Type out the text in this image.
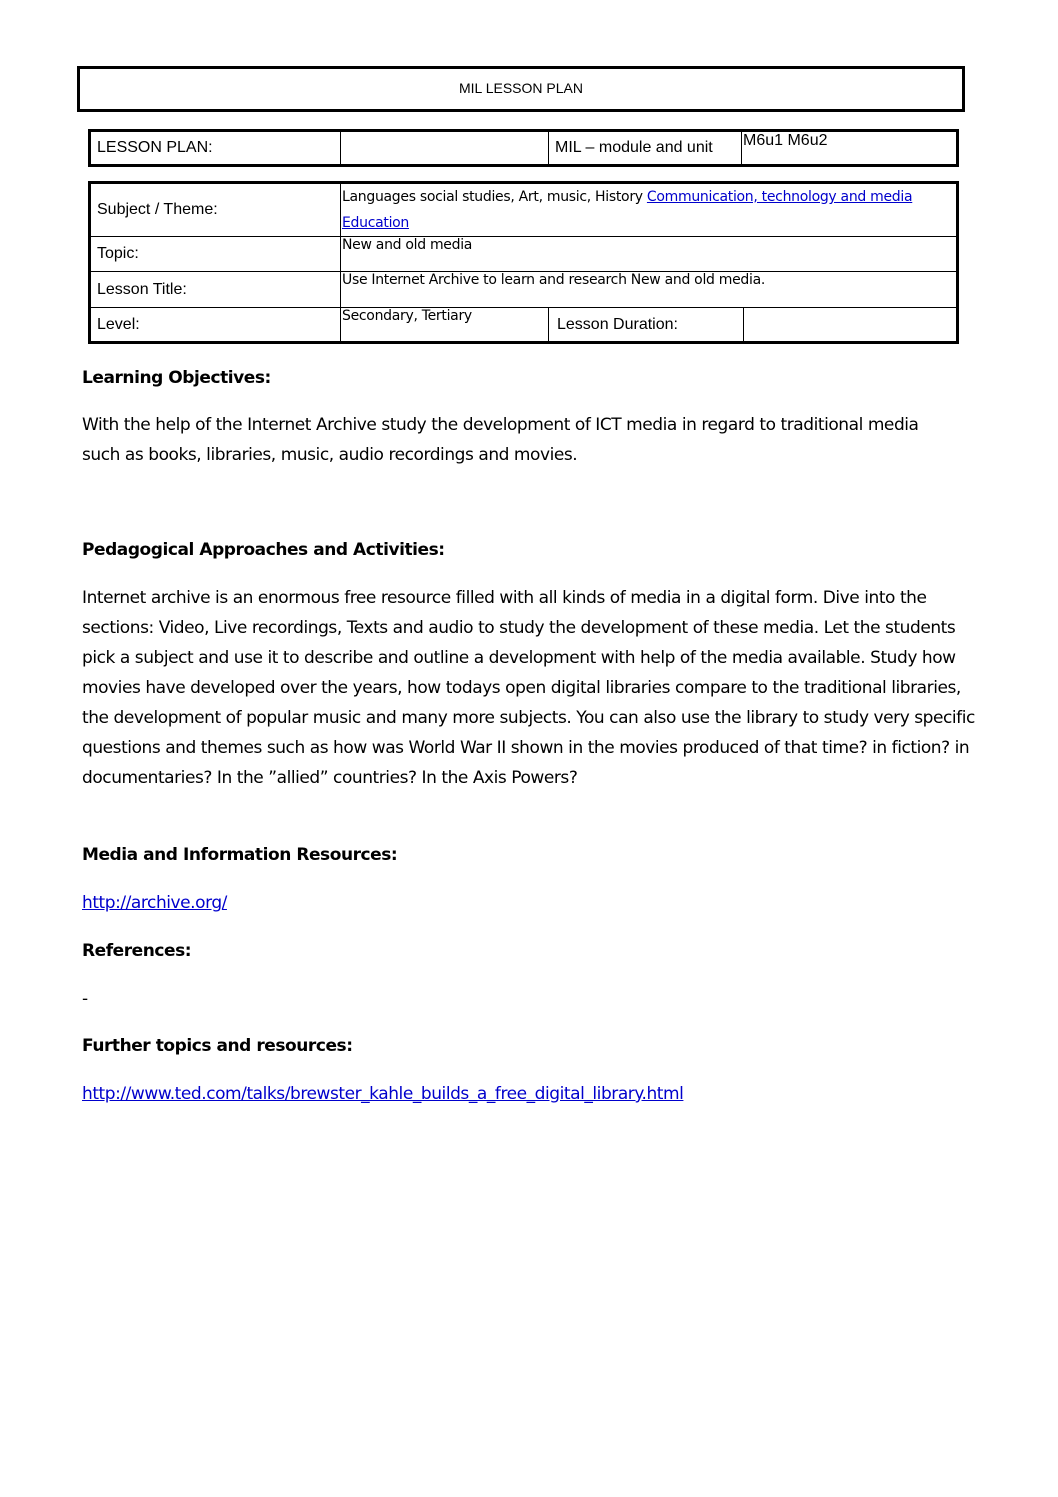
MIL LESSON PLAN
LESSON PLAN:		MIL – module and unit	M6u1 M6u2
Subject / Theme:	Languages social studies, Art, music, History Communication, technology and media Education		
Topic:	New and old media		
Lesson Title:	Use Internet Archive to learn and research New and old media.		
Level:	Secondary, Tertiary	Lesson Duration:	
Learning Objectives:
With the help of the Internet Archive study the development of ICT media in regard to traditional media such as books, libraries, music, audio recordings and movies.
Pedagogical Approaches and Activities:
Internet archive is an enormous free resource filled with all kinds of media in a digital form. Dive into the sections: Video, Live recordings, Texts and audio to study the development of these media. Let the students pick a subject and use it to describe and outline a development with help of the media available. Study how movies have developed over the years, how todays open digital libraries compare to the traditional libraries, the development of popular music and many more subjects. You can also use the library to study very specific questions and themes such as how was World War II shown in the movies produced of that time? in fiction? in documentaries? In the ”allied” countries? In the Axis Powers?
Media and Information Resources:
http://archive.org/
References:
-
Further topics and resources:
http://www.ted.com/talks/brewster_kahle_builds_a_free_digital_library.html
